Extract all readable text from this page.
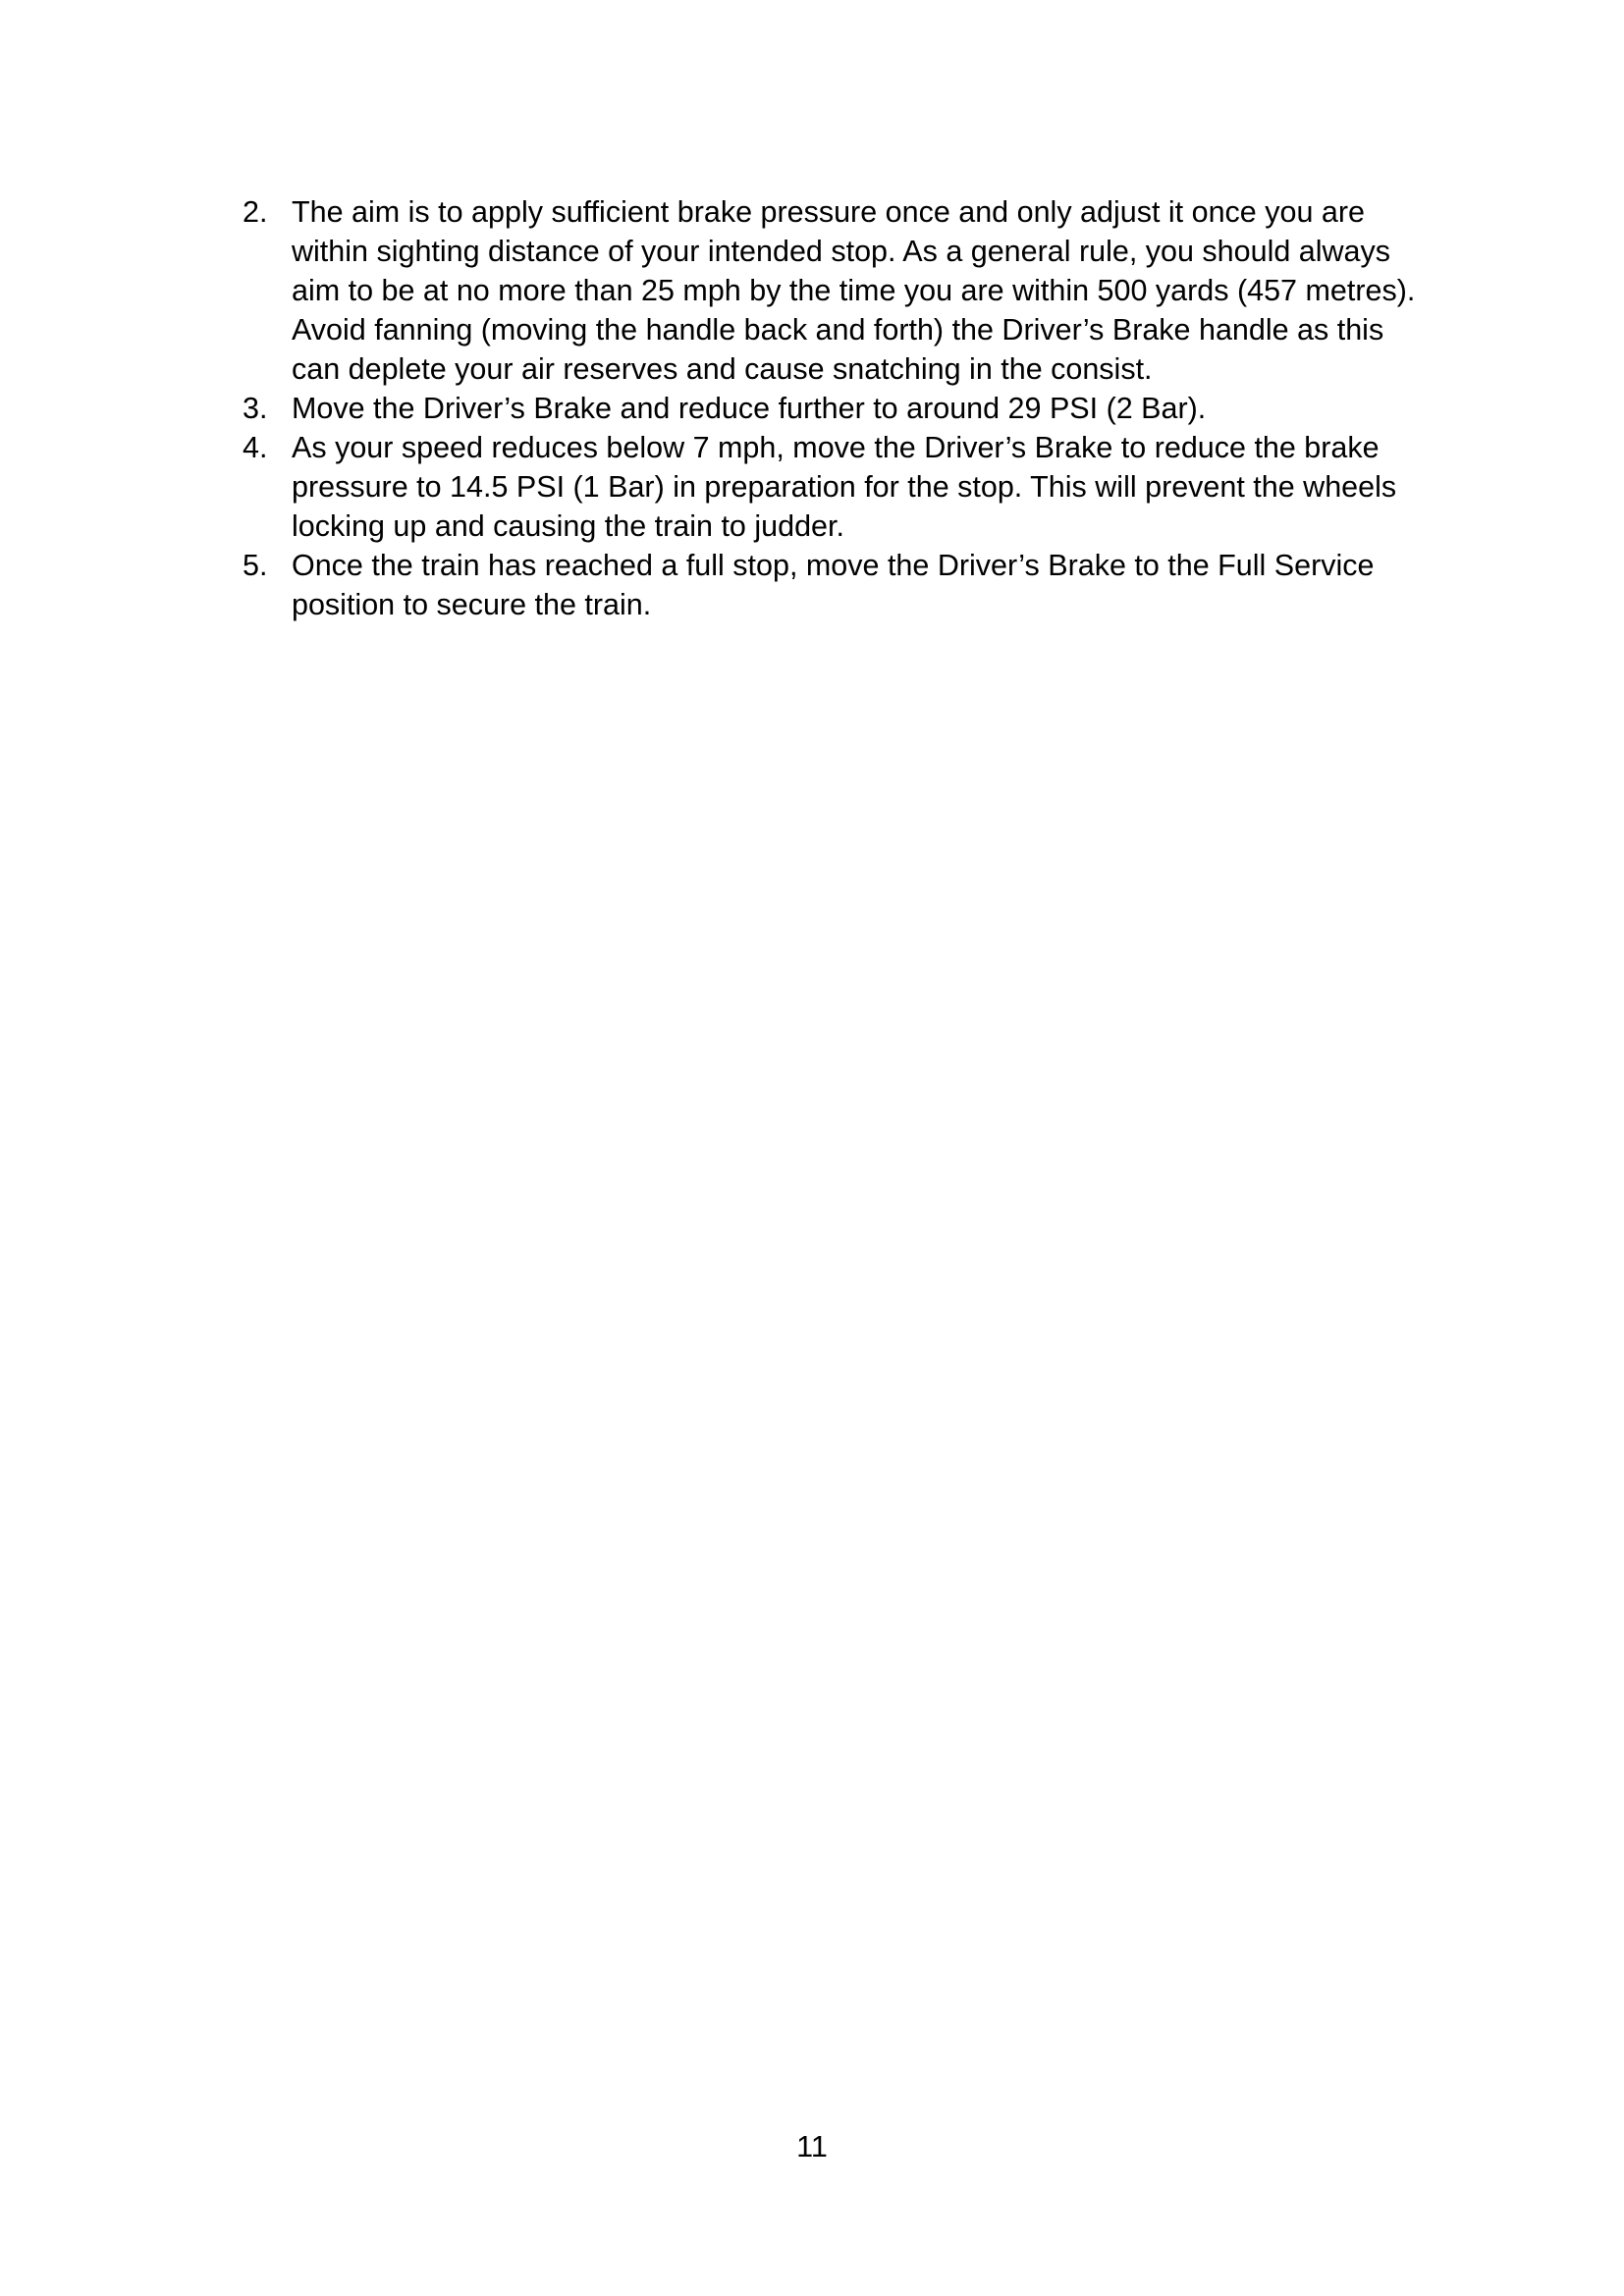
2. The aim is to apply sufficient brake pressure once and only adjust it once you are within sighting distance of your intended stop. As a general rule, you should always aim to be at no more than 25 mph by the time you are within 500 yards (457 metres). Avoid fanning (moving the handle back and forth) the Driver’s Brake handle as this can deplete your air reserves and cause snatching in the consist.
3. Move the Driver’s Brake and reduce further to around 29 PSI (2 Bar).
4. As your speed reduces below 7 mph, move the Driver’s Brake to reduce the brake pressure to 14.5 PSI (1 Bar) in preparation for the stop. This will prevent the wheels locking up and causing the train to judder.
5. Once the train has reached a full stop, move the Driver’s Brake to the Full Service position to secure the train.
11
